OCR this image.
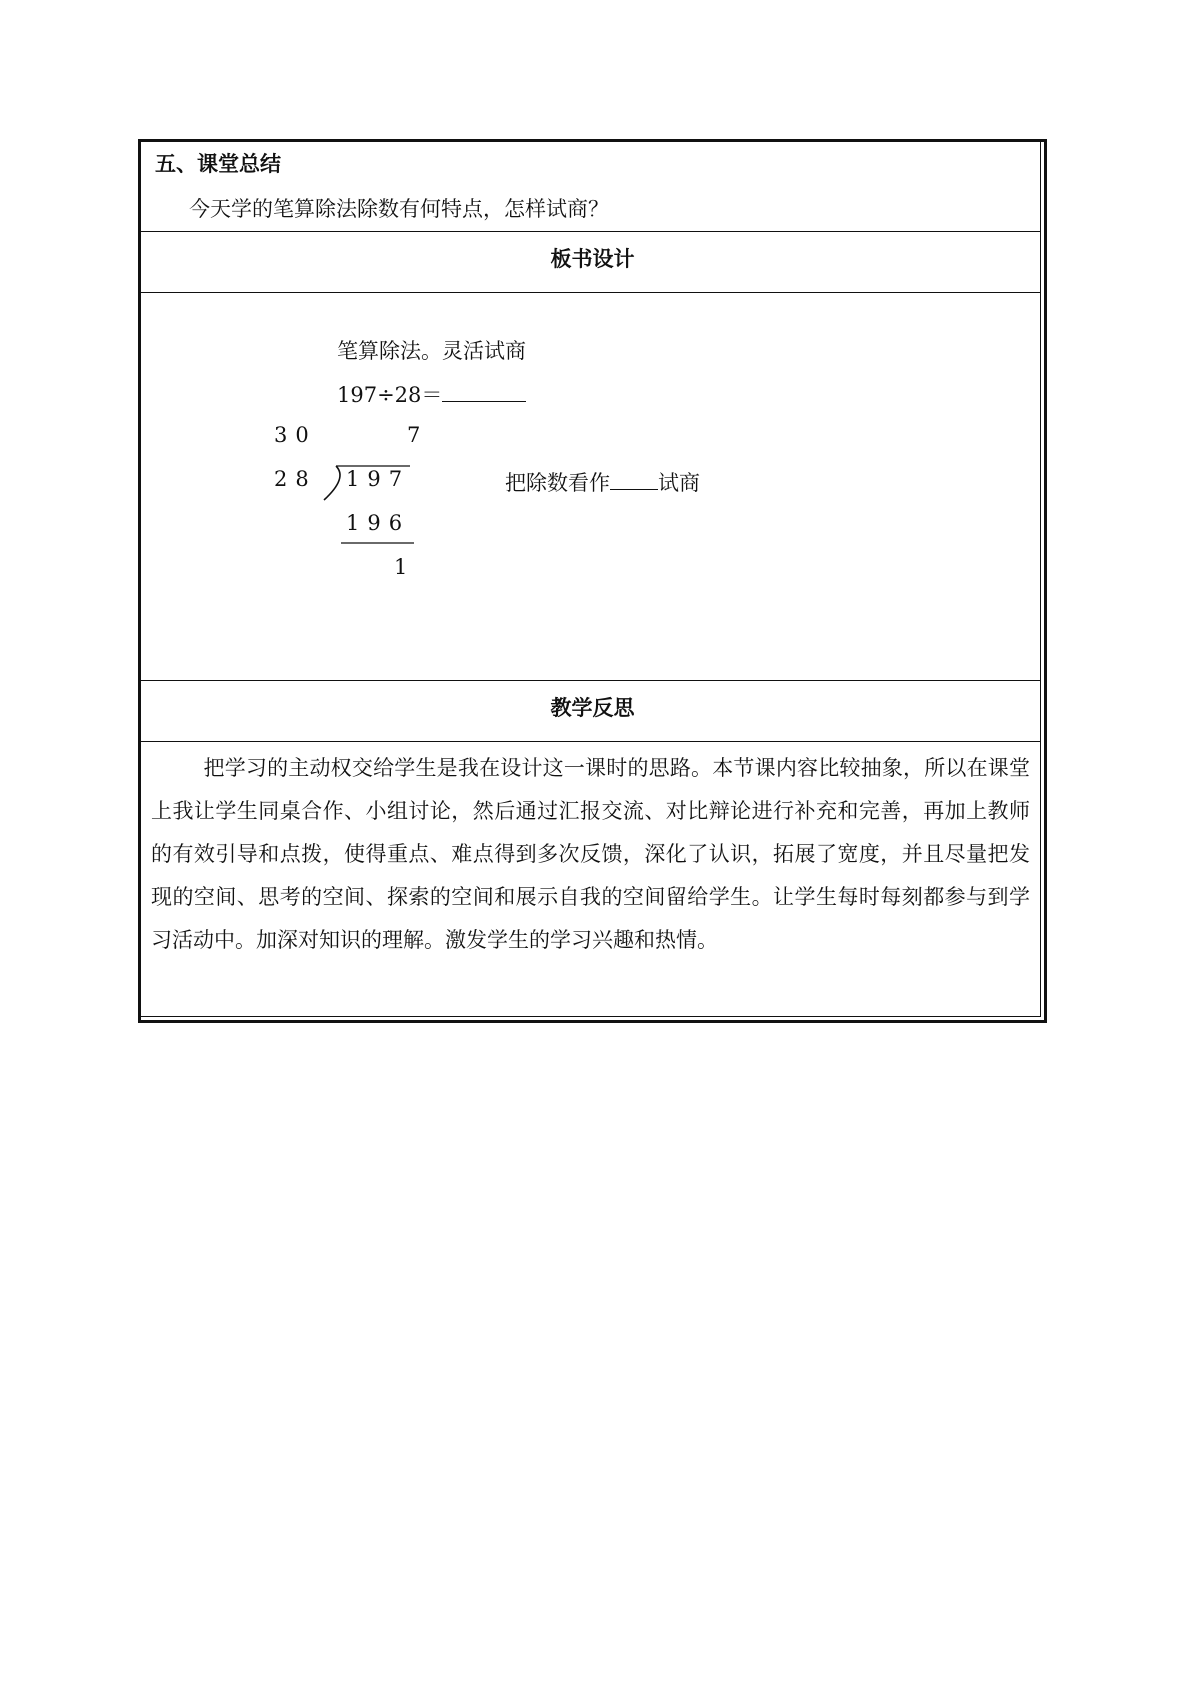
五、课堂总结
今天学的笔算除法除数有何特点，怎样试商？
板书设计
笔算除法。灵活试商
197÷28＝
30	7
28 197	把除数看作 试商
196
1
教学反思
把学习的主动权交给学生是我在设计这一课时的思路。本节课内容比较抽象，所以在课堂上我让学生同桌合作、小组讨论，然后通过汇报交流、对比辩论进行补充和完善，再加上教师的有效引导和点拨，使得重点、难点得到多次反馈，深化了认识，拓展了宽度，并且尽量把发现的空间、思考的空间、探索的空间和展示自我的空间留给学生。让学生每时每刻都参与到学习活动中。加深对知识的理解。激发学生的学习兴趣和热情。
